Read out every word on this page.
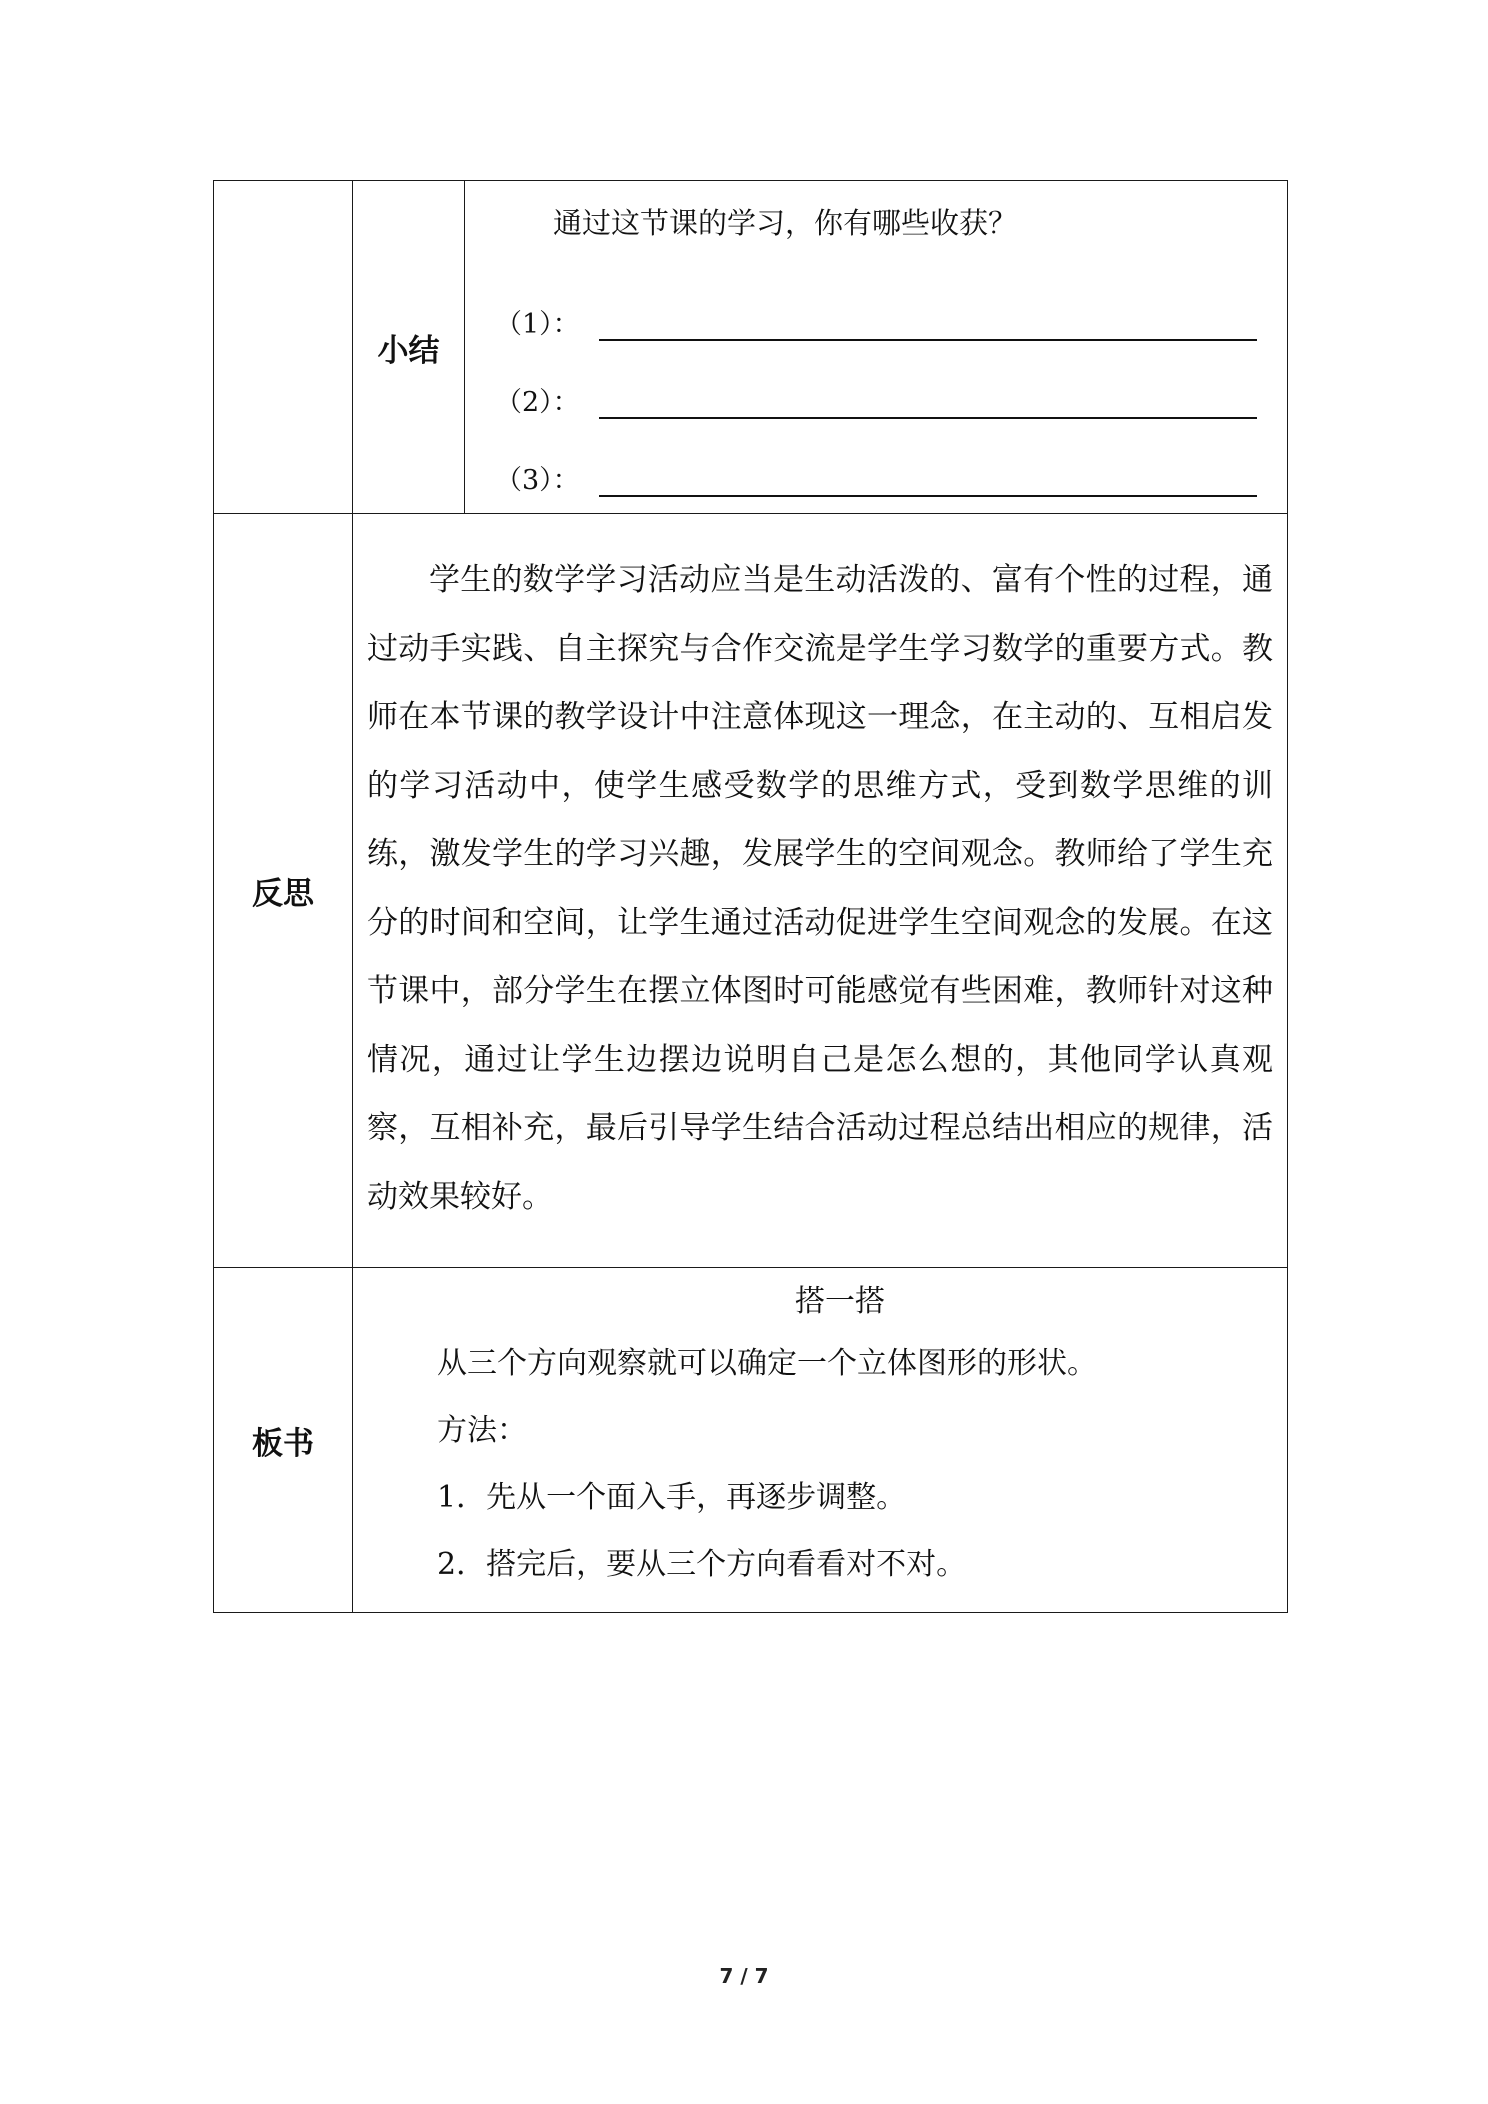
	小结	通过这节课的学习，你有哪些收获？
（1）：
（2）：
（3）：

反思	学生的数学学习活动应当是生动活泼的、富有个性的过程，通过动手实践、自主探究与合作交流是学生学习数学的重要方式。教师在本节课的教学设计中注意体现这一理念，在主动的、互相启发的学习活动中，使学生感受数学的思维方式，受到数学思维的训练，激发学生的学习兴趣，发展学生的空间观念。教师给了学生充分的时间和空间，让学生通过活动促进学生空间观念的发展。在这节课中，部分学生在摆立体图时可能感觉有些困难，教师针对这种情况，通过让学生边摆边说明自己是怎么想的，其他同学认真观察，互相补充，最后引导学生结合活动过程总结出相应的规律，活动效果较好。	

板书	搭一搭
从三个方向观察就可以确定一个立体图形的形状。
方法：
1．先从一个面入手，再逐步调整。
2．搭完后，要从三个方向看看对不对。	
7 / 7
